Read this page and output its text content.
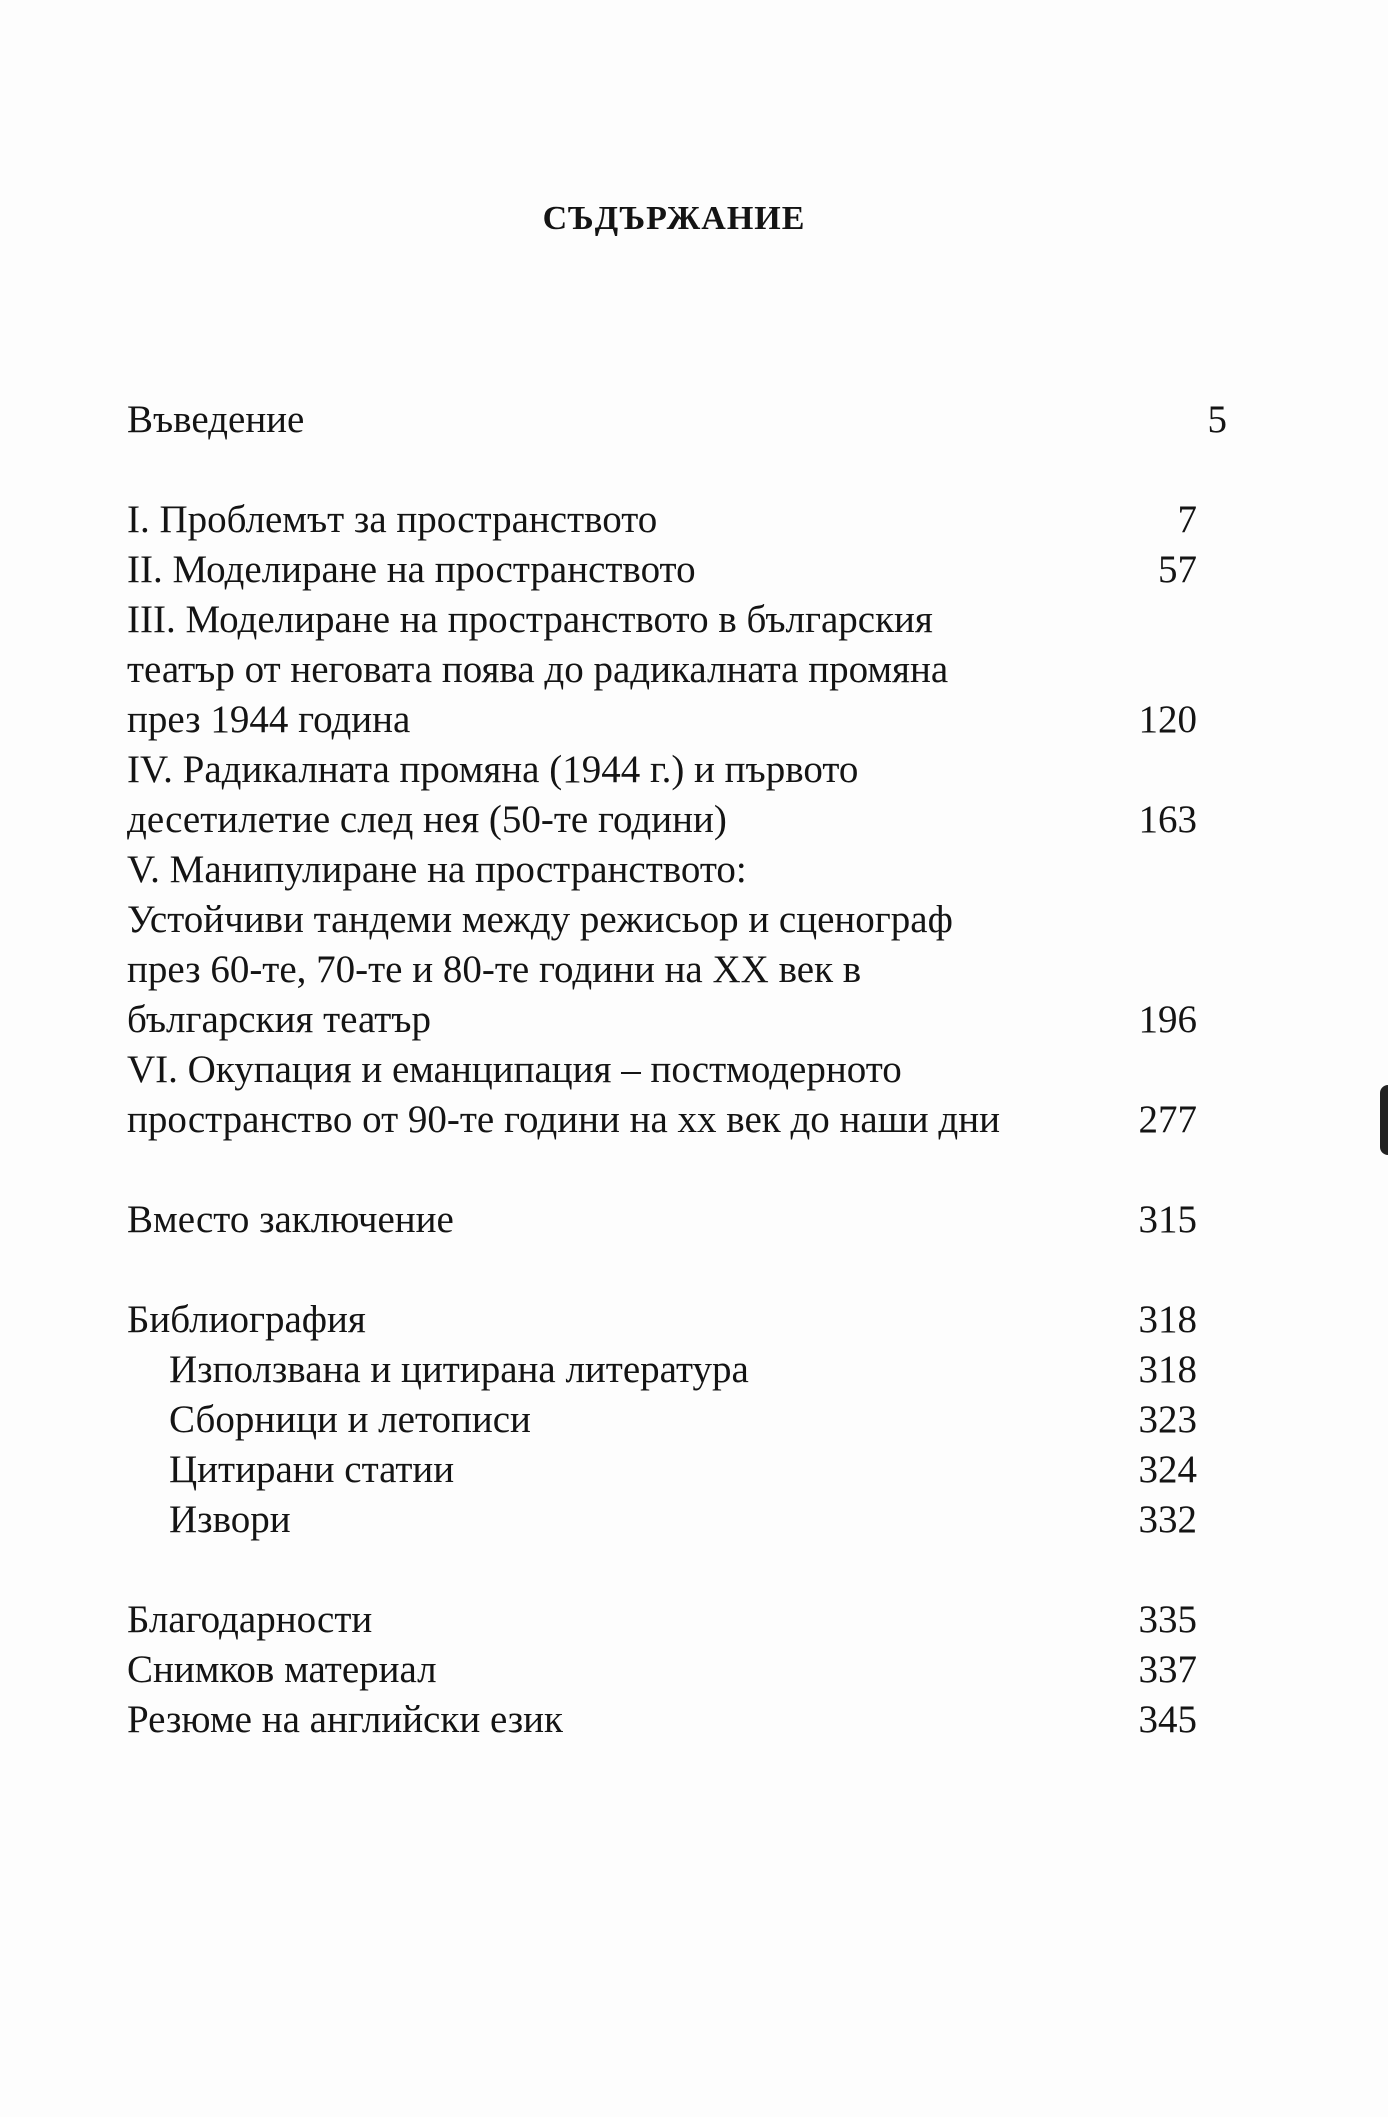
СЪДЪРЖАНИЕ
Въведение	5
I. Проблемът за пространството	7
II. Моделиране на пространството	57
III. Моделиране на пространството в българския
театър от неговата поява до радикалната промяна
през 1944 година	120
IV. Радикалната промяна (1944 г.) и първото
десетилетие след нея (50-те години)	163
V. Манипулиране на пространството:
Устойчиви тандеми между режисьор и сценограф
през 60-те, 70-те и 80-те години на XX век в
българския театър	196
VI. Окупация и еманципация – постмодерното
пространство от 90-те години на хх век до наши дни	277
Вместо заключение	315
Библиография	318
Използвана и цитирана литература	318
Сборници и летописи	323
Цитирани статии	324
Извори	332
Благодарности	335
Снимков материал	337
Резюме на английски език	345
